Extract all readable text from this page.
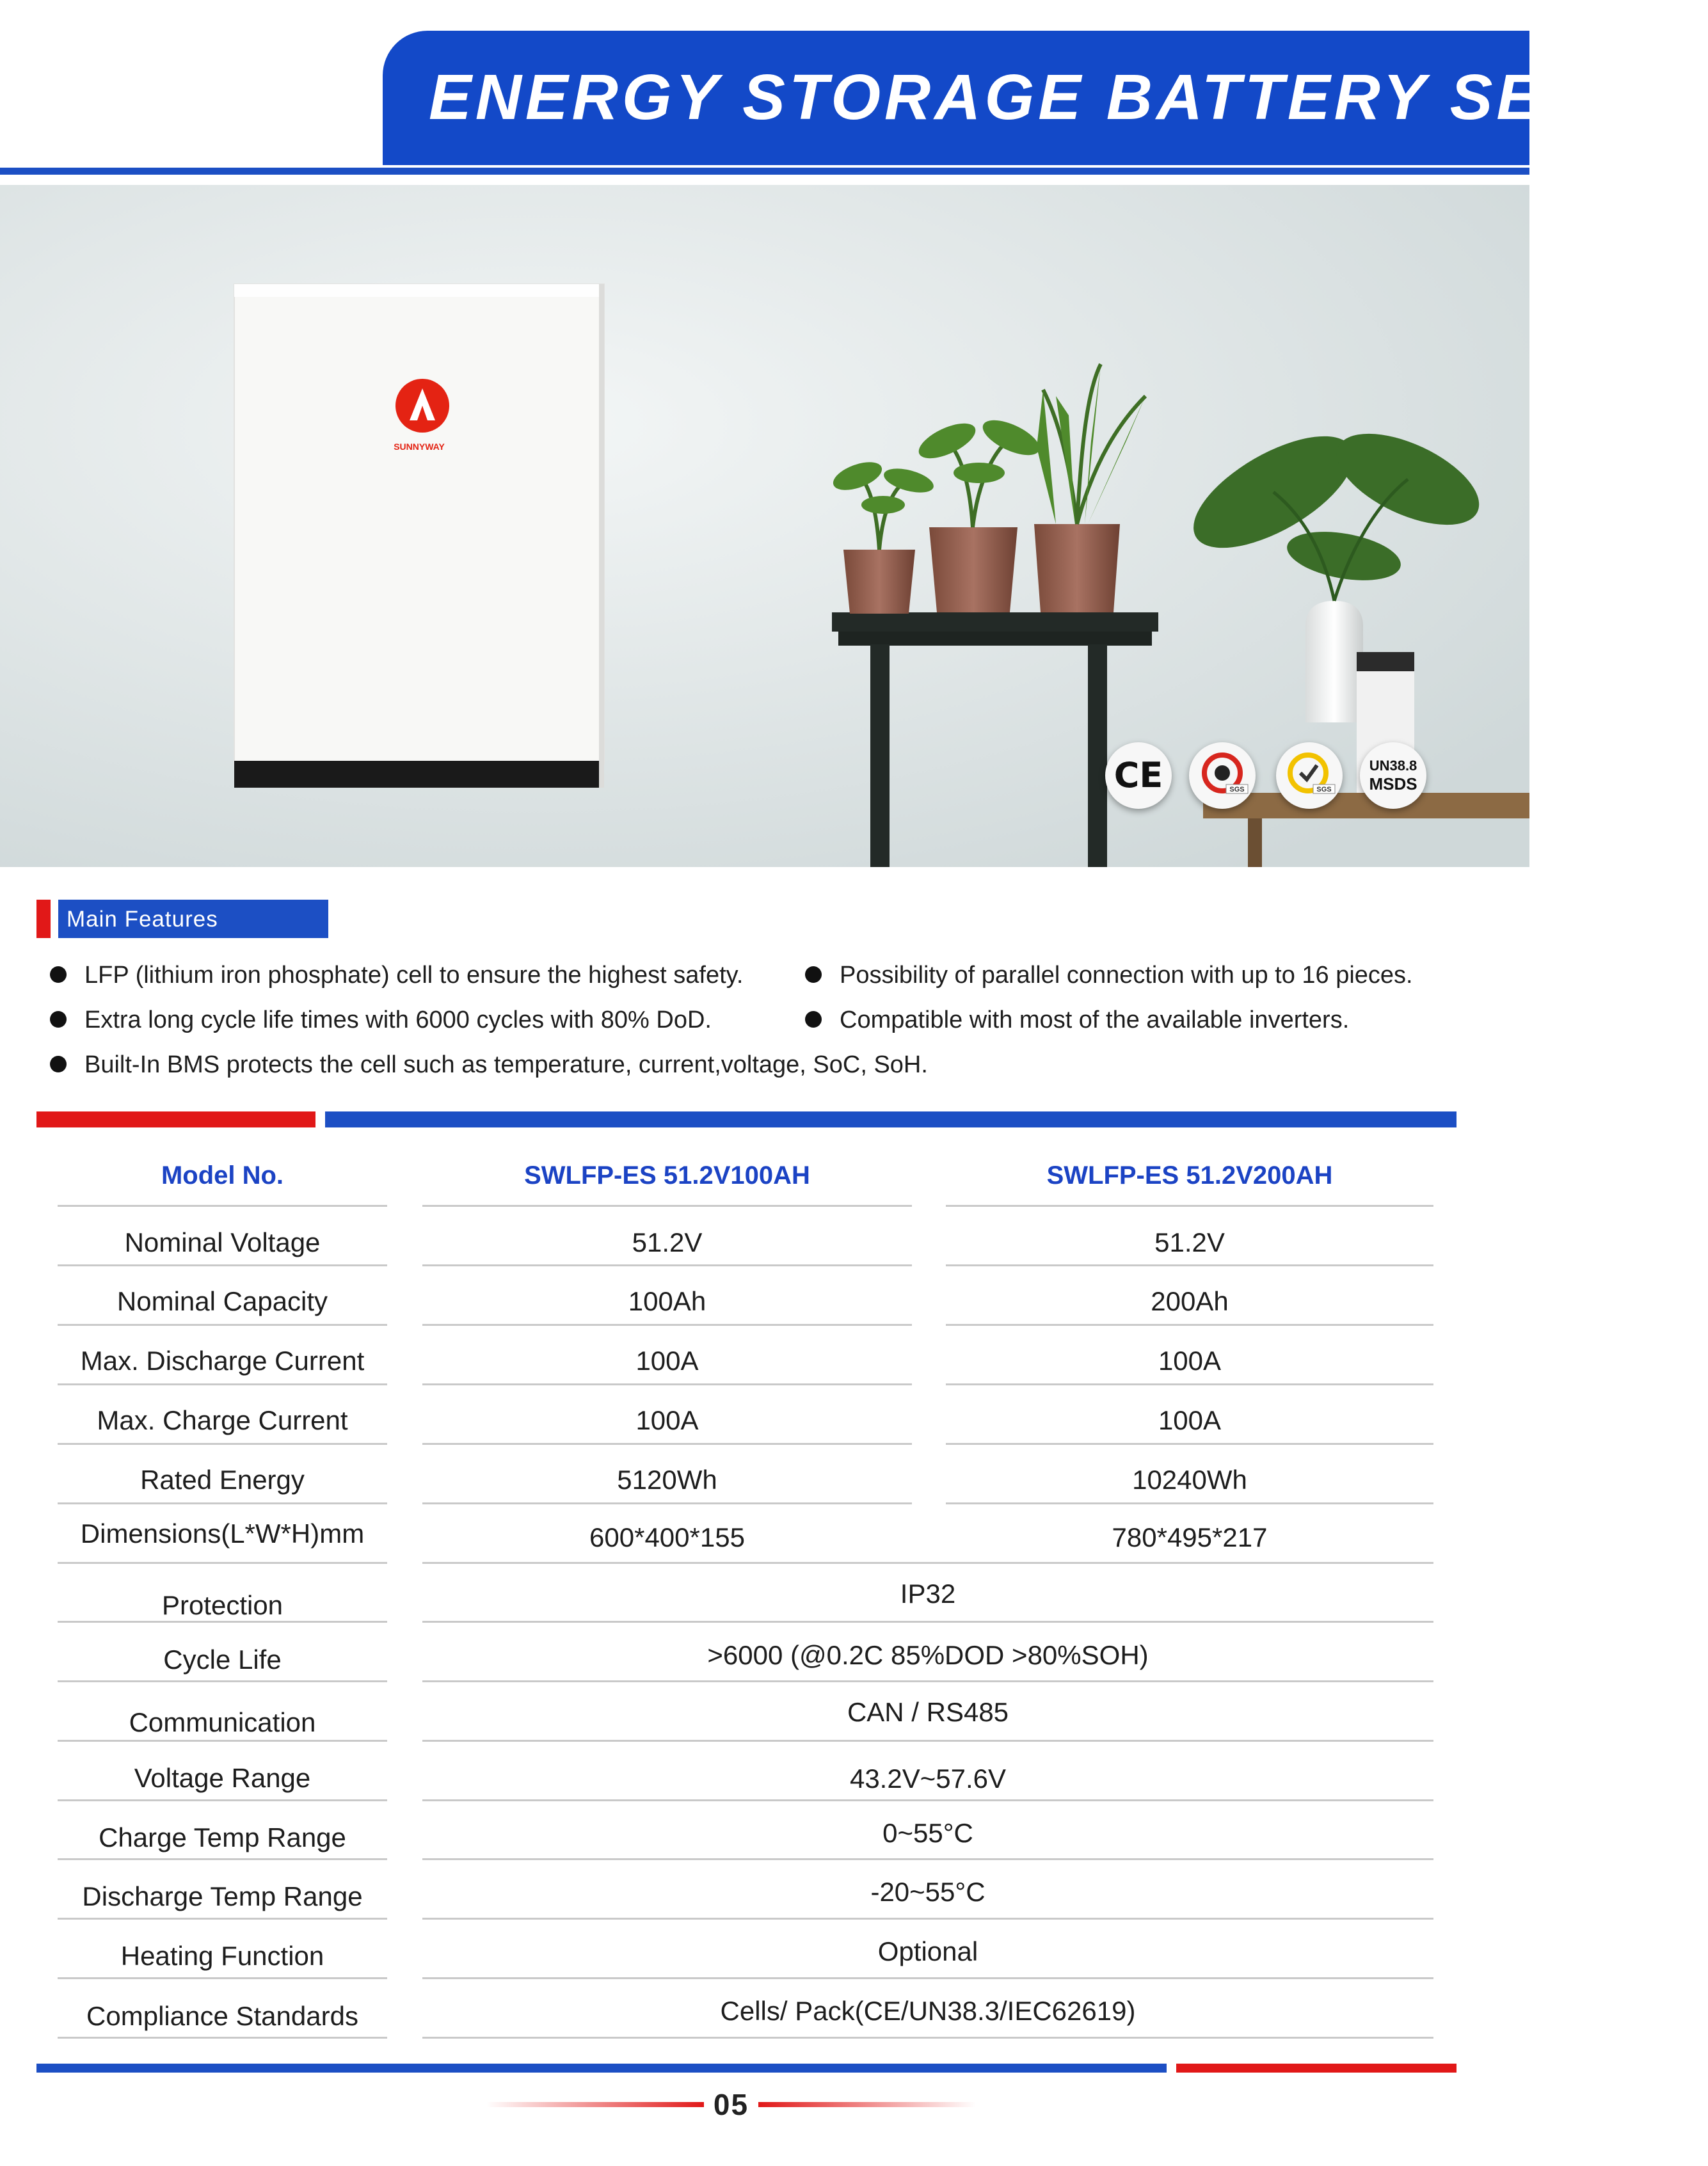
ENERGY STORAGE BATTERY SERIES
SUNNYWAY
CE	SGS	SGS
UN38.8
MSDS
Main Features
LFP (lithium iron phosphate) cell to ensure the highest safety.	Possibility of parallel connection with up to 16 pieces.
Extra long cycle life times with 6000 cycles with 80% DoD.	Compatible with most of the available inverters.
Built-In BMS protects the cell such as temperature, current,voltage, SoC, SoH.
Model No.	SWLFP-ES 51.2V100AH	SWLFP-ES 51.2V200AH
Nominal Voltage	51.2V	51.2V
Nominal Capacity	100Ah	200Ah
Max. Discharge Current	100A	100A
Max. Charge Current	100A	100A
Rated Energy	5120Wh	10240Wh
Dimensions(L*W*H)mm	600*400*155	780*495*217
Protection	IP32
Cycle Life	>6000 (@0.2C 85%DOD >80%SOH)
Communication	CAN / RS485
Voltage Range	43.2V~57.6V
Charge Temp Range	0~55°C
Discharge Temp Range	-20~55°C
Heating Function	Optional
Compliance Standards	Cells/ Pack(CE/UN38.3/IEC62619)
05
